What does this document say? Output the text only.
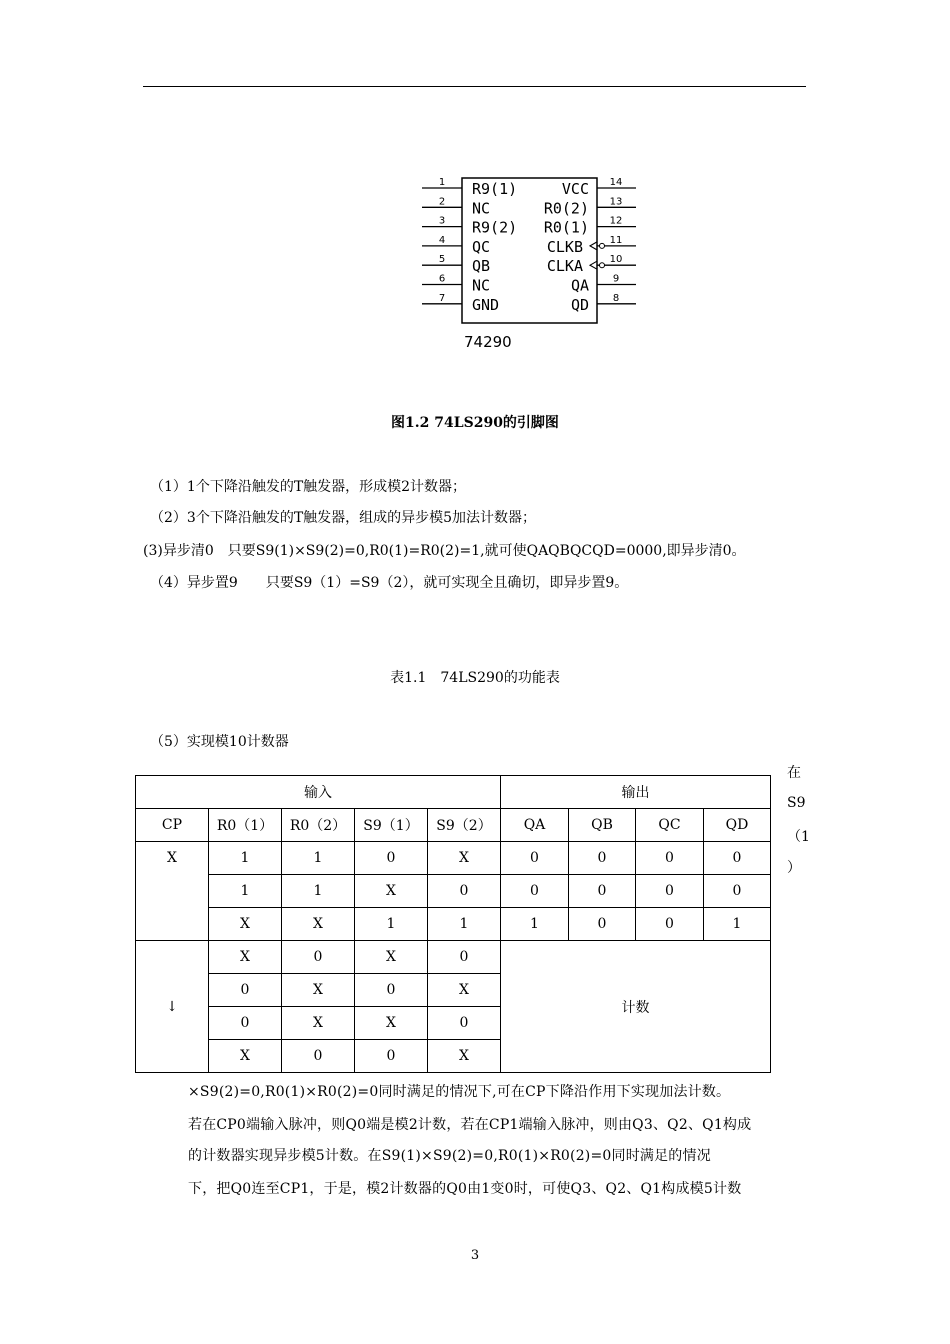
1 R9(1)
2 NC
3 R9(2)
4 QC
5 QB
6 NC
7 GND
14
VCC
13
R0(2)
12
R0(1)
11
CLKB
10
CLKA
9
QA
8
QD
74290
图1.2 74LS290的引脚图
（1）1个下降沿触发的T触发器，形成模2计数器；
（2）3个下降沿触发的T触发器，组成的异步模5加法计数器；
(3)异步清0　只要S9(1)×S9(2)=0,R0(1)=R0(2)=1,就可使QAQBQCQD=0000,即异步清0。
（4）异步置9　　只要S9（1）=S9（2），就可实现全且确切，即异步置9。
表1.1　74LS290的功能表
（5）实现模10计数器
输入					输出			
CP	R0（1）	R0（2）	S9（1）	S9（2）	QA	QB	QC	QD
X	1	1	0	X	0	0	0	0
	1	1	X	0	0	0	0	0
	X	X	1	1	1	0	0	1
↓	X	0	X	0	计数			
	0	X	0	X				
	0	X	X	0				
	X	0	0	X				
在
S9
（1
）
×S9(2)=0,R0(1)×R0(2)=0同时满足的情况下,可在CP下降沿作用下实现加法计数。
若在CP0端输入脉冲，则Q0端是模2计数，若在CP1端输入脉冲，则由Q3、Q2、Q1构成
的计数器实现异步模5计数。在S9(1)×S9(2)=0,R0(1)×R0(2)=0同时满足的情况
下，把Q0连至CP1，于是，模2计数器的Q0由1变0时，可使Q3、Q2、Q1构成模5计数
3
